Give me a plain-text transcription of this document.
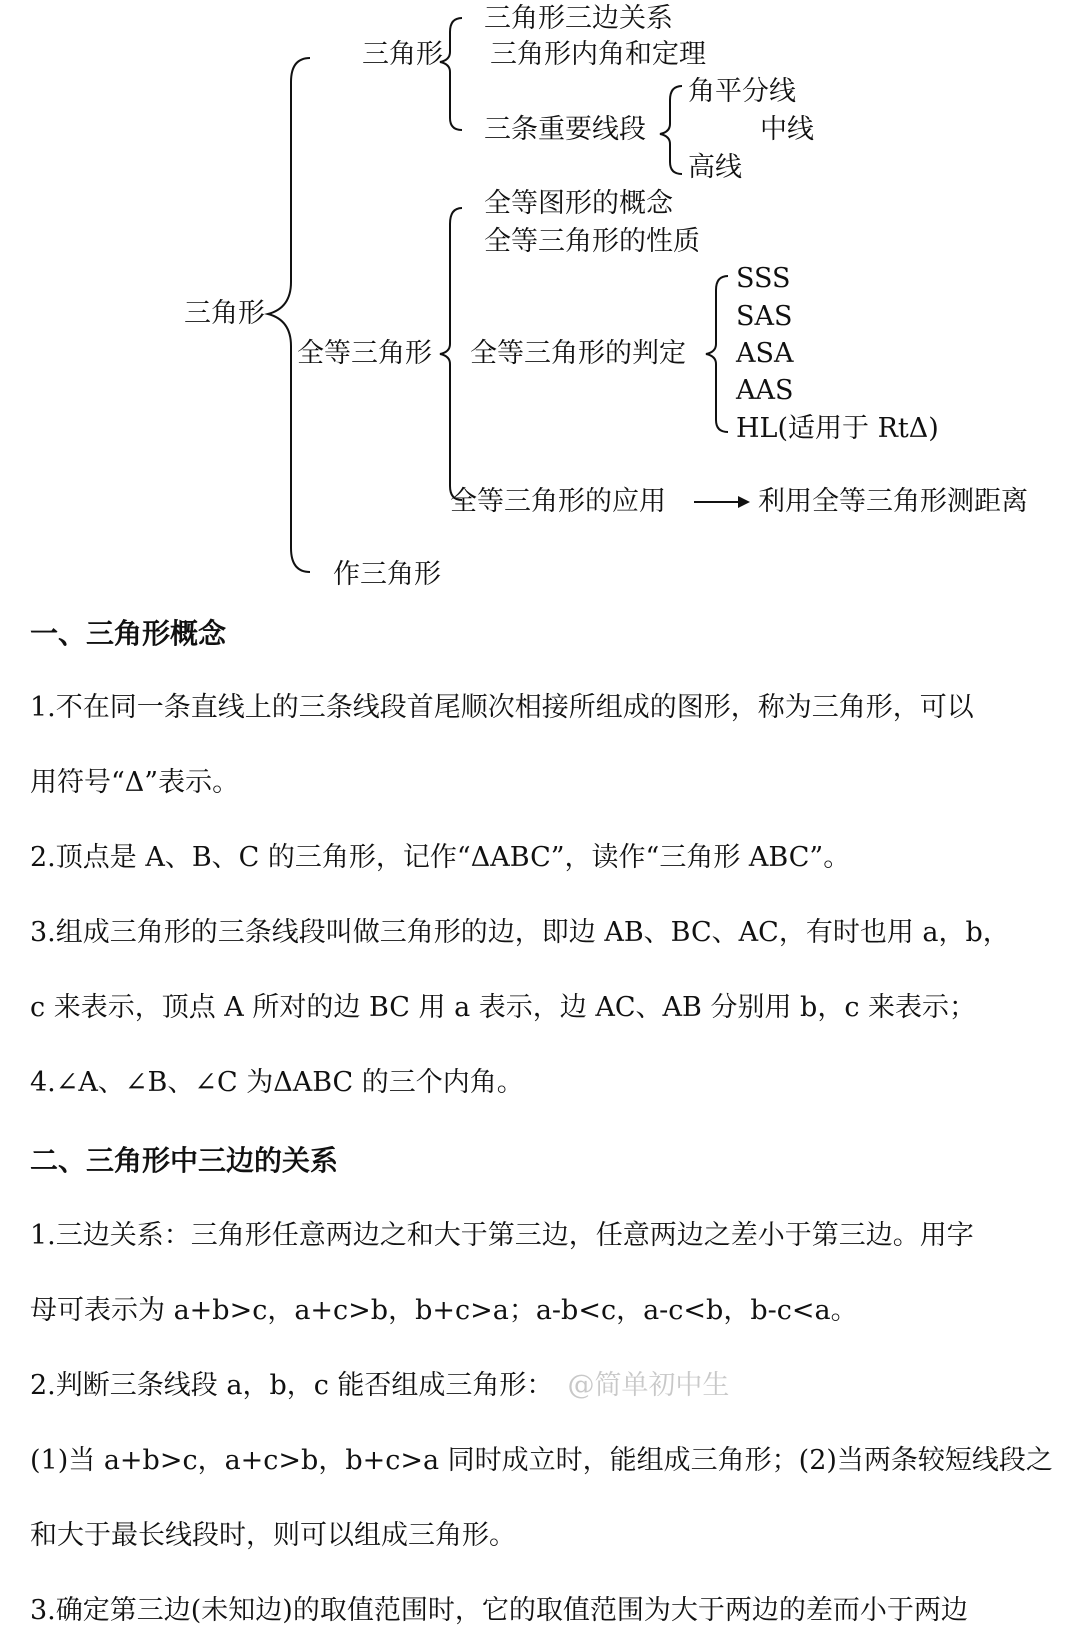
三角形
三角形
三角形三边关系
三角形内角和定理
三条重要线段
角平分线
中线
高线
全等三角形
全等图形的概念
全等三角形的性质
全等三角形的判定
SSS
SAS
ASA
AAS
HL(适用于 RtΔ)
全等三角形的应用	利用全等三角形测距离
作三角形
一、三角形概念
1.不在同一条直线上的三条线段首尾顺次相接所组成的图形，称为三角形，可以
用符号“Δ”表示。
2.顶点是 A、B、C 的三角形，记作“ΔABC”，读作“三角形 ABC”。
3.组成三角形的三条线段叫做三角形的边，即边 AB、BC、AC，有时也用 a，b，
c 来表示，顶点 A 所对的边 BC 用 a 表示，边 AC、AB 分别用 b，c 来表示；
4.∠A、∠B、∠C 为ΔABC 的三个内角。
二、三角形中三边的关系
1.三边关系：三角形任意两边之和大于第三边，任意两边之差小于第三边。用字
母可表示为 a+b>c，a+c>b，b+c>a；a-b<c，a-c<b，b-c<a。
2.判断三条线段 a，b，c 能否组成三角形： @简单初中生
(1)当 a+b>c，a+c>b，b+c>a 同时成立时，能组成三角形；(2)当两条较短线段之
和大于最长线段时，则可以组成三角形。
3.确定第三边(未知边)的取值范围时，它的取值范围为大于两边的差而小于两边
